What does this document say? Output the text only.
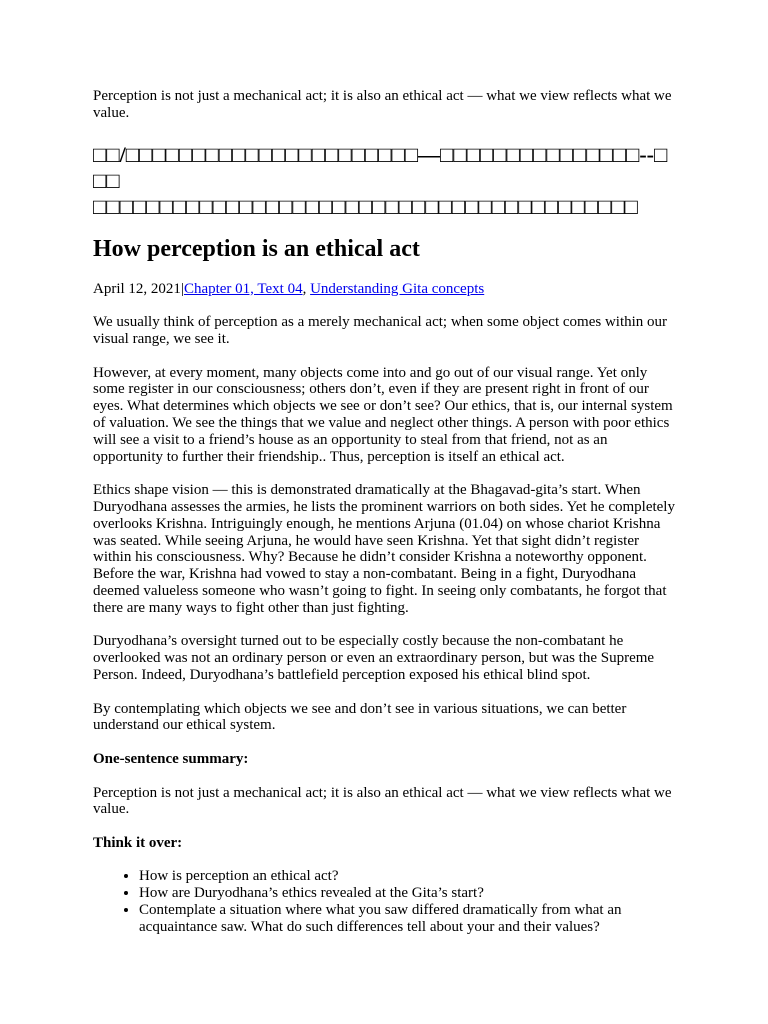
Perception is not just a mechanical act; it is also an ethical act — what we view reflects what we value.

□□/□□□□□□□□□□□□□□□□□□□□□□—□□□□□□□□□□□□□□□--□□□
□□□□□□□□□□□□□□□□□□□□□□□□□□□□□□□□□□□□□□□□□
How perception is an ethical act
April 12, 2021|Chapter 01, Text 04, Understanding Gita concepts

We usually think of perception as a merely mechanical act; when some object comes within our visual range, we see it.

However, at every moment, many objects come into and go out of our visual range. Yet only some register in our consciousness; others don’t, even if they are present right in front of our eyes. What determines which objects we see or don’t see? Our ethics, that is, our internal system of valuation. We see the things that we value and neglect other things. A person with poor ethics will see a visit to a friend’s house as an opportunity to steal from that friend, not as an opportunity to further their friendship.. Thus, perception is itself an ethical act.

Ethics shape vision — this is demonstrated dramatically at the Bhagavad-gita’s start. When Duryodhana assesses the armies, he lists the prominent warriors on both sides. Yet he completely overlooks Krishna. Intriguingly enough, he mentions Arjuna (01.04) on whose chariot Krishna was seated. While seeing Arjuna, he would have seen Krishna. Yet that sight didn’t register within his consciousness. Why? Because he didn’t consider Krishna a noteworthy opponent. Before the war, Krishna had vowed to stay a non-combatant. Being in a fight, Duryodhana deemed valueless someone who wasn’t going to fight. In seeing only combatants, he forgot that there are many ways to fight other than just fighting.

Duryodhana’s oversight turned out to be especially costly because the non-combatant he overlooked was not an ordinary person or even an extraordinary person, but was the Supreme Person. Indeed, Duryodhana’s battlefield perception exposed his ethical blind spot.

By contemplating which objects we see and don’t see in various situations, we can better understand our ethical system.

One-sentence summary:

Perception is not just a mechanical act; it is also an ethical act — what we view reflects what we value.

Think it over:

• How is perception an ethical act?
• How are Duryodhana’s ethics revealed at the Gita’s start?
• Contemplate a situation where what you saw differed dramatically from what an acquaintance saw. What do such differences tell about your and their values?
